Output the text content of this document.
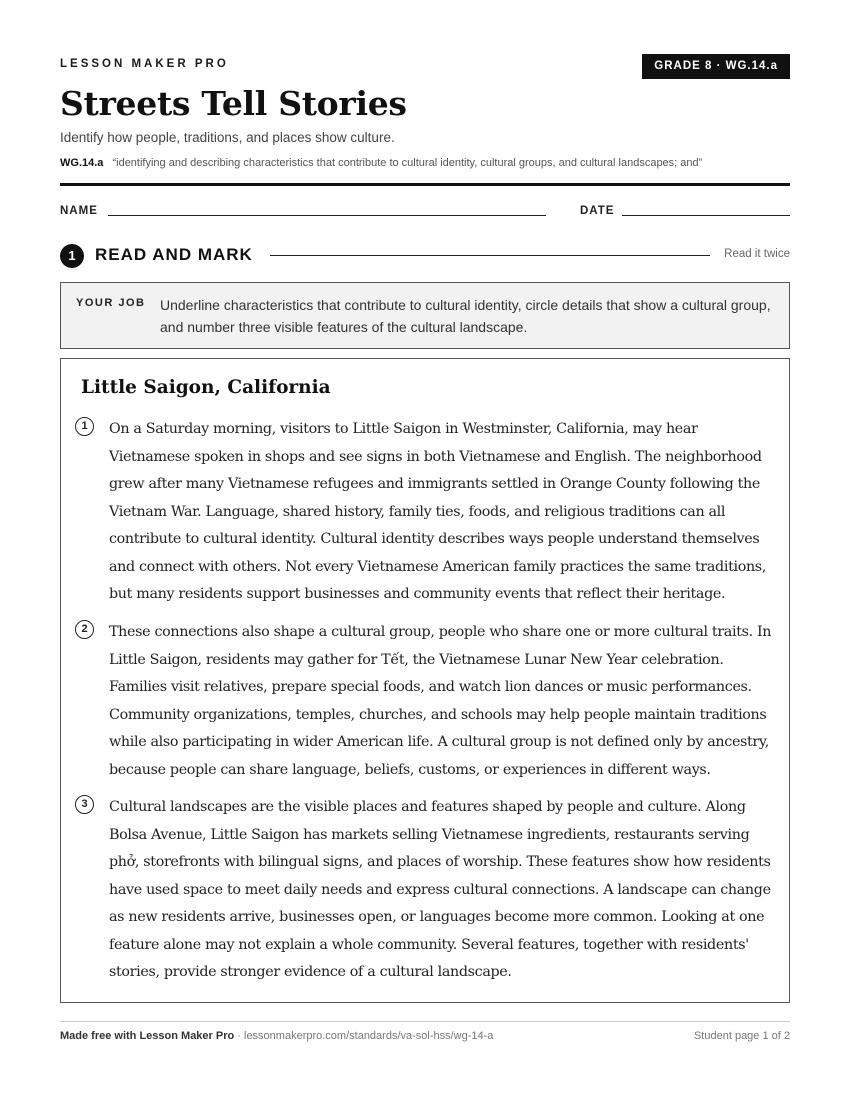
LESSON MAKER PRO	GRADE 8 · WG.14.a
Streets Tell Stories
Identify how people, traditions, and places show culture.
WG.14.a “identifying and describing characteristics that contribute to cultural identity, cultural groups, and cultural landscapes; and”
NAME	DATE
1	READ AND MARK	Read it twice
YOUR JOB Underline characteristics that contribute to cultural identity, circle details that show a cultural group, and number three visible features of the cultural landscape.
Little Saigon, California
1	On a Saturday morning, visitors to Little Saigon in Westminster, California, may hear Vietnamese spoken in shops and see signs in both Vietnamese and English. The neighborhood grew after many Vietnamese refugees and immigrants settled in Orange County following the Vietnam War. Language, shared history, family ties, foods, and religious traditions can all contribute to cultural identity. Cultural identity describes ways people understand themselves and connect with others. Not every Vietnamese American family practices the same traditions, but many residents support businesses and community events that reflect their heritage.

2	These connections also shape a cultural group, people who share one or more cultural traits. In Little Saigon, residents may gather for Tết, the Vietnamese Lunar New Year celebration. Families visit relatives, prepare special foods, and watch lion dances or music performances. Community organizations, temples, churches, and schools may help people maintain traditions while also participating in wider American life. A cultural group is not defined only by ancestry, because people can share language, beliefs, customs, or experiences in different ways.

3	Cultural landscapes are the visible places and features shaped by people and culture. Along Bolsa Avenue, Little Saigon has markets selling Vietnamese ingredients, restaurants serving phở, storefronts with bilingual signs, and places of worship. These features show how residents have used space to meet daily needs and express cultural connections. A landscape can change as new residents arrive, businesses open, or languages become more common. Looking at one feature alone may not explain a whole community. Several features, together with residents' stories, provide stronger evidence of a cultural landscape.

Made free with Lesson Maker Pro · lessonmakerpro.com/standards/va-sol-hss/wg-14-a	Student page 1 of 2
